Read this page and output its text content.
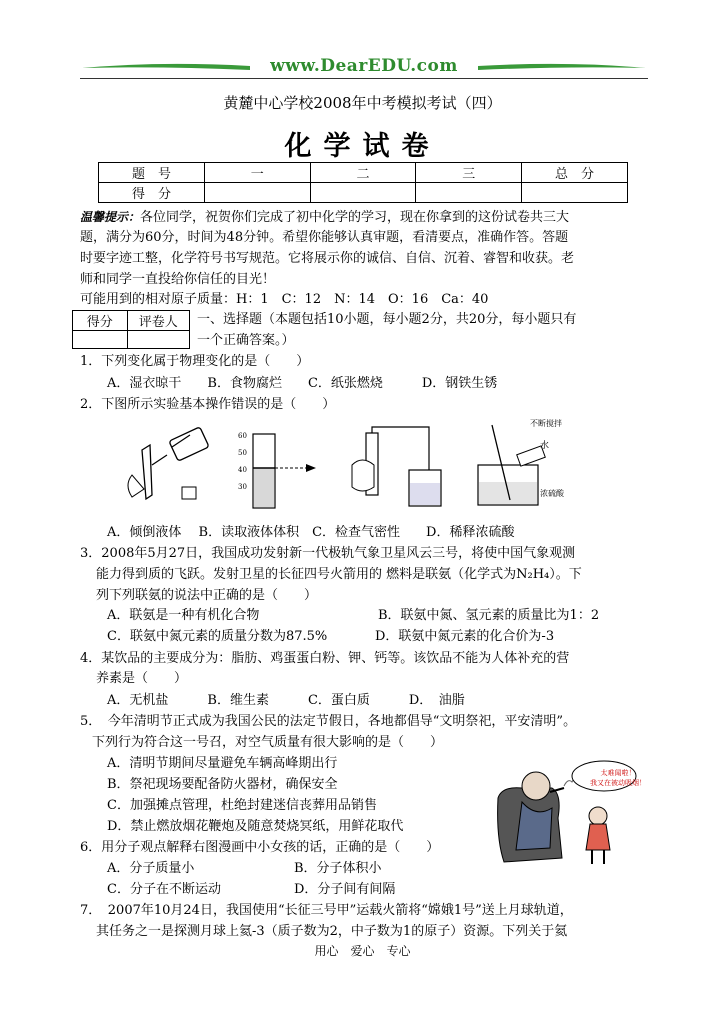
www.DearEDU.com
黄麓中心学校2008年中考模拟考试（四）
化学试卷
题　号	一	二	三	总　分
得　分				
温馨提示：各位同学，祝贺你们完成了初中化学的学习，现在你拿到的这份试卷共三大
题，满分为60分，时间为48分钟。希望你能够认真审题，看清要点，准确作答。答题
时要字迹工整，化学符号书写规范。它将展示你的诚信、自信、沉着、睿智和收获。老
师和同学一直投给你信任的目光！
可能用到的相对原子质量：H：1　C：12　N：14　O：16　Ca：40
得分	评卷人
	一、选择题（本题包括10小题，每小题2分，共20分，每小题只有
一个正确答案。）
1．下列变化属于物理变化的是（　　）
A．湿衣晾干　　B．食物腐烂　　C．纸张燃烧　　　D．钢铁生锈
2．下图所示实验基本操作错误的是（　　）
60
50
40
30
不断搅拌
水
浓硫酸
A．倾倒液体　 B．读取液体体积　C．检查气密性　　D．稀释浓硫酸
3．2008年5月27日，我国成功发射新一代极轨气象卫星风云三号，将使中国气象观测
能力得到质的飞跃。发射卫星的长征四号火箭用的 燃料是联氨（化学式为N₂H₄）。下
列下列联氨的说法中正确的是（　　）
A．联氨是一种有机化合物	B．联氨中氮、氢元素的质量比为1：2
C．联氨中氮元素的质量分数为87.5%	D．联氨中氮元素的化合价为-3
4．某饮品的主要成分为：脂肪、鸡蛋蛋白粉、钾、钙等。该饮品不能为人体补充的营
养素是（　　）
A．无机盐　　　B．维生素　　　C．蛋白质　　　D．　油脂
5．　今年清明节正式成为我国公民的法定节假日，各地都倡导“文明祭祀，平安清明”。
下列行为符合这一号召，对空气质量有很大影响的是（　　）
A．清明节期间尽量避免车辆高峰期出行
B．祭祀现场要配备防火器材，确保安全
C．加强摊点管理，杜绝封建迷信丧葬用品销售
D．禁止燃放烟花鞭炮及随意焚烧冥纸，用鲜花取代
太难闻啦！
我又在被动吸烟！
6．用分子观点解释右图漫画中小女孩的话，正确的是（　　）
A．分子质量小	B．分子体积小
C．分子在不断运动	D．分子间有间隔
7．　2007年10月24日，我国使用“长征三号甲”运载火箭将“嫦娥1号”送上月球轨道，
其任务之一是探测月球上氦-3（质子数为2，中子数为1的原子）资源。下列关于氦
用心　爱心　专心
